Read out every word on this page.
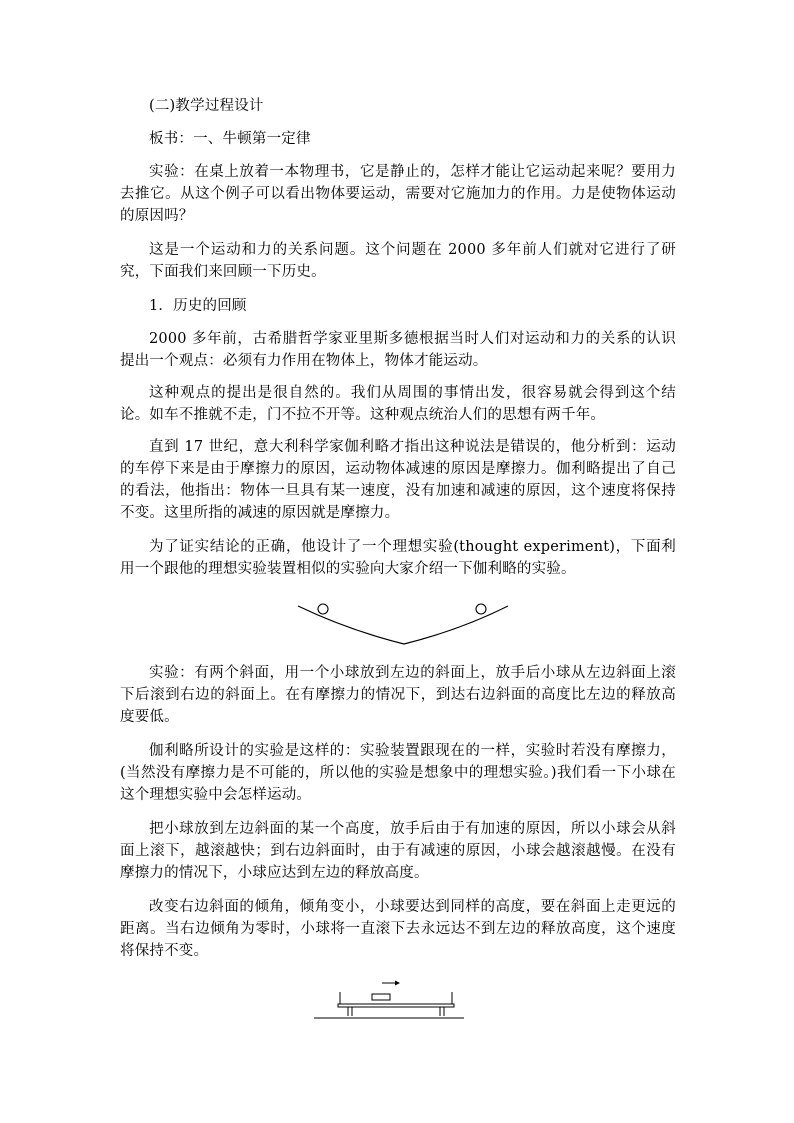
(二)教学过程设计

板书：一、牛顿第一定律

实验：在桌上放着一本物理书，它是静止的，怎样才能让它运动起来呢？要用力去推它。从这个例子可以看出物体要运动，需要对它施加力的作用。力是使物体运动的原因吗？

这是一个运动和力的关系问题。这个问题在 2000 多年前人们就对它进行了研究，下面我们来回顾一下历史。

1．历史的回顾

2000 多年前，古希腊哲学家亚里斯多德根据当时人们对运动和力的关系的认识提出一个观点：必须有力作用在物体上，物体才能运动。

这种观点的提出是很自然的。我们从周围的事情出发，很容易就会得到这个结论。如车不推就不走，门不拉不开等。这种观点统治人们的思想有两千年。

直到 17 世纪，意大利科学家伽利略才指出这种说法是错误的，他分析到：运动的车停下来是由于摩擦力的原因，运动物体减速的原因是摩擦力。伽利略提出了自己的看法，他指出：物体一旦具有某一速度，没有加速和减速的原因，这个速度将保持不变。这里所指的减速的原因就是摩擦力。

为了证实结论的正确，他设计了一个理想实验(thought experiment)，下面利用一个跟他的理想实验装置相似的实验向大家介绍一下伽利略的实验。

实验：有两个斜面，用一个小球放到左边的斜面上，放手后小球从左边斜面上滚下后滚到右边的斜面上。在有摩擦力的情况下，到达右边斜面的高度比左边的释放高度要低。

伽利略所设计的实验是这样的：实验装置跟现在的一样，实验时若没有摩擦力，(当然没有摩擦力是不可能的，所以他的实验是想象中的理想实验。)我们看一下小球在这个理想实验中会怎样运动。

把小球放到左边斜面的某一个高度，放手后由于有加速的原因，所以小球会从斜面上滚下，越滚越快；到右边斜面时，由于有减速的原因，小球会越滚越慢。在没有摩擦力的情况下，小球应达到左边的释放高度。

改变右边斜面的倾角，倾角变小，小球要达到同样的高度，要在斜面上走更远的距离。当右边倾角为零时，小球将一直滚下去永远达不到左边的释放高度，这个速度将保持不变。
